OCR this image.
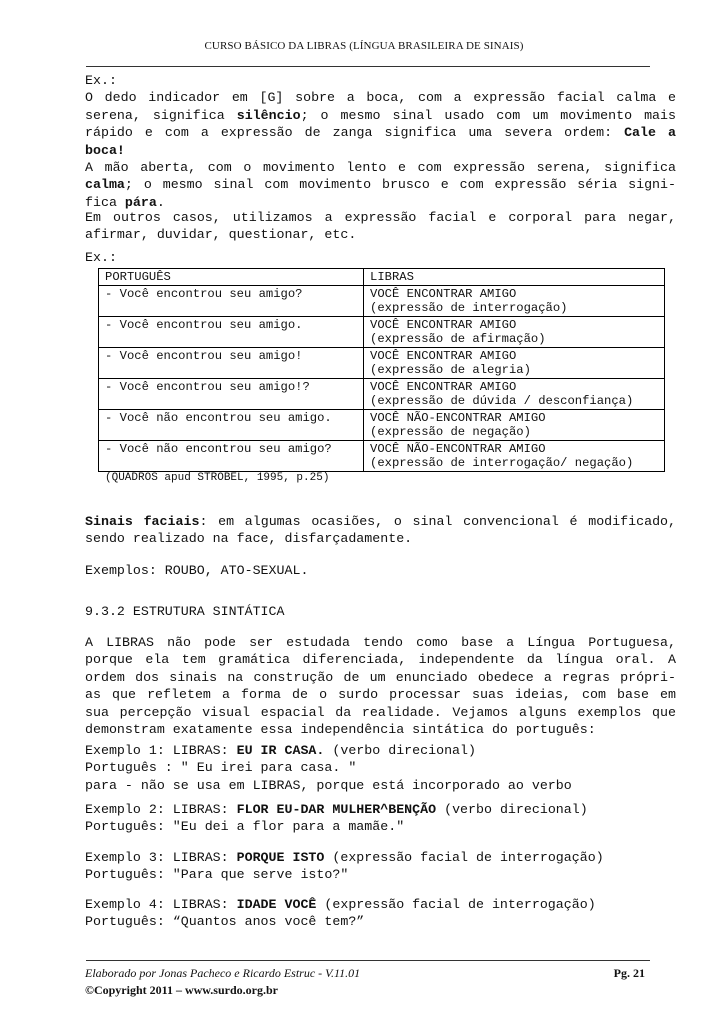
CURSO BÁSICO DA LIBRAS (LÍNGUA BRASILEIRA DE SINAIS)
Ex.:
O dedo indicador em [G] sobre a boca, com a expressão facial calma e
serena, significa silêncio; o mesmo sinal usado com um movimento mais
rápido e com a expressão de zanga significa uma severa ordem: Cale a
boca!
A mão aberta, com o movimento lento e com expressão serena, significa
calma; o mesmo sinal com movimento brusco e com expressão séria signi-
fica pára.
Em outros casos, utilizamos a expressão facial e corporal para negar,
afirmar, duvidar, questionar, etc.
Ex.:
PORTUGUÊS	LIBRAS
- Você encontrou seu amigo?	VOCÊ ENCONTRAR AMIGO
(expressão de interrogação)

- Você encontrou seu amigo.	VOCÊ ENCONTRAR AMIGO
(expressão de afirmação)

- Você encontrou seu amigo!	VOCÊ ENCONTRAR AMIGO
(expressão de alegria)

- Você encontrou seu amigo!?	VOCÊ ENCONTRAR AMIGO
(expressão de dúvida / desconfiança)

- Você não encontrou seu amigo.	VOCÊ NÃO-ENCONTRAR AMIGO
(expressão de negação)

- Você não encontrou seu amigo?	VOCÊ NÃO-ENCONTRAR AMIGO
(expressão de interrogação/ negação)
(QUADROS apud STROBEL, 1995, p.25)
Sinais faciais: em algumas ocasiões, o sinal convencional é modificado,
sendo realizado na face, disfarçadamente.
Exemplos: ROUBO, ATO-SEXUAL.
9.3.2 ESTRUTURA SINTÁTICA
A LIBRAS não pode ser estudada tendo como base a Língua Portuguesa,
porque ela tem gramática diferenciada, independente da língua oral. A
ordem dos sinais na construção de um enunciado obedece a regras própri-
as que refletem a forma de o surdo processar suas ideias, com base em
sua percepção visual espacial da realidade. Vejamos alguns exemplos que
demonstram exatamente essa independência sintática do português:
Exemplo 1: LIBRAS: EU IR CASA. (verbo direcional)
Português : " Eu irei para casa. "
para - não se usa em LIBRAS, porque está incorporado ao verbo
Exemplo 2: LIBRAS: FLOR EU-DAR MULHER^BENÇÃO (verbo direcional)
Português: "Eu dei a flor para a mamãe."
Exemplo 3: LIBRAS: PORQUE ISTO (expressão facial de interrogação)
Português: "Para que serve isto?"
Exemplo 4: LIBRAS: IDADE VOCÊ (expressão facial de interrogação)
Português: “Quantos anos você tem?”
Elaborado por Jonas Pacheco e Ricardo Estruc - V.11.01	Pg. 21
©Copyright 2011 – www.surdo.org.br
